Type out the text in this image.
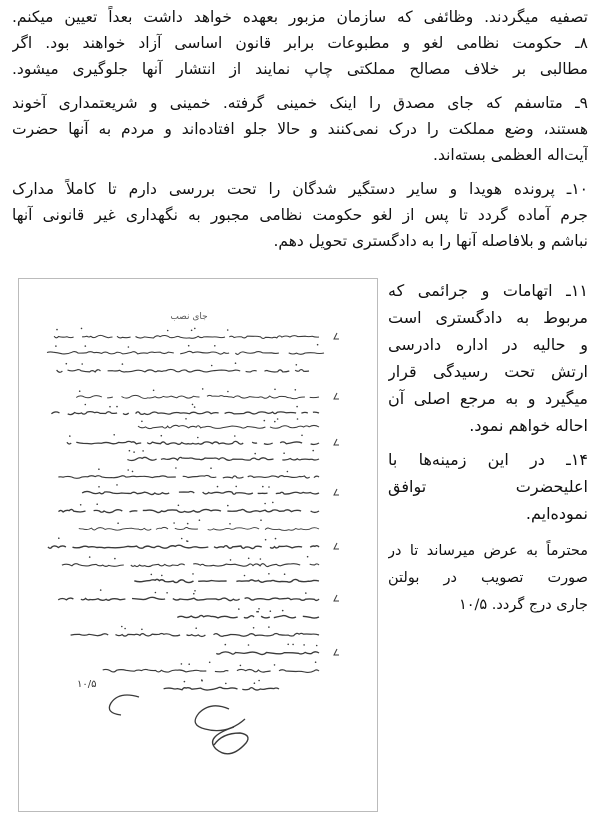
تصفیه میگردند. وظائفی که سازمان مزبور بعهده خواهد داشت بعداً تعیین میکنم.
۸ـ حکومت نظامی لغو و مطبوعات برابر قانون اساسی آزاد خواهند بود. اگر
مطالبی بر خلاف مصالح مملکتی چاپ نمایند از انتشار آنها جلوگیری میشود.
۹ـ متاسفم که جای مصدق را اینک خمینی گرفته. خمینی و شریعتمداری آخوند
هستند، وضع مملکت را درک نمی‌کنند و حالا جلو افتاده‌اند و مردم به آنها حضرت
آیت‌اله العظمی بسته‌اند.
۱۰ـ پرونده هویدا و سایر دستگیر شدگان را تحت بررسی دارم تا کاملاً مدارک
جرم آماده گردد تا پس از لغو حکومت نظامی مجبور به نگهداری غیر قانونی آنها
نباشم و بلافاصله آنها را به دادگستری تحویل دهم.
۱۱ـ اتهامات و جرائمی که
مربوط به دادگستری است
و حالیه در اداره دادرسی
ارتش تحت رسیدگی قرار
میگیرد و به مرجع اصلی آن
احاله خواهم نمود.
۱۴ـ در این زمینه‌ها با
اعلیحضرت توافق
نموده‌ایم.
محترماً به عرض میرساند تا در
صورت تصویب در بولتن
جاری درج گردد. ۱۰/۵
جای نصب
۱۰/۵
